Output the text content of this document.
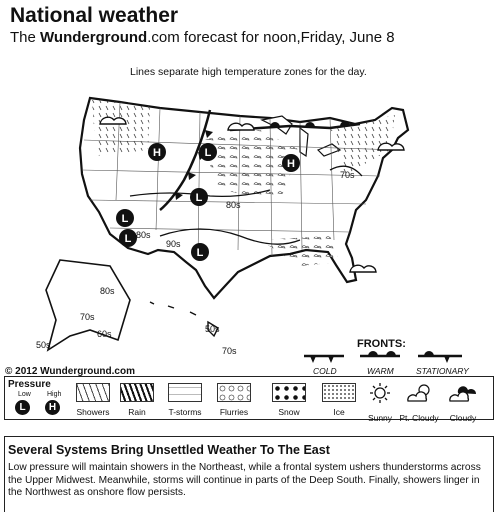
National weather
The Wunderground.com forecast for noon,Friday, June 8
Lines separate high temperature zones for the day.
H	L
L
H
L
L
L
70s
80s
80s
90s
80s
70s
60s
50s
50s
70s
© 2012 Wunderground.com
FRONTS:
COLD	WARM	STATIONARY
Pressure
Low High
L	H	Showers	Rain	T-storms	Flurries	Snow	Ice
Sunny Pt. Cloudy	Cloudy
Several Systems Bring Unsettled Weather To The East
Low pressure will maintain showers in the Northeast, while a frontal system ushers thunderstorms across the Upper Midwest. Meanwhile, storms will continue in parts of the Deep South. Finally, showers linger in the Northwest as onshore flow persists.
